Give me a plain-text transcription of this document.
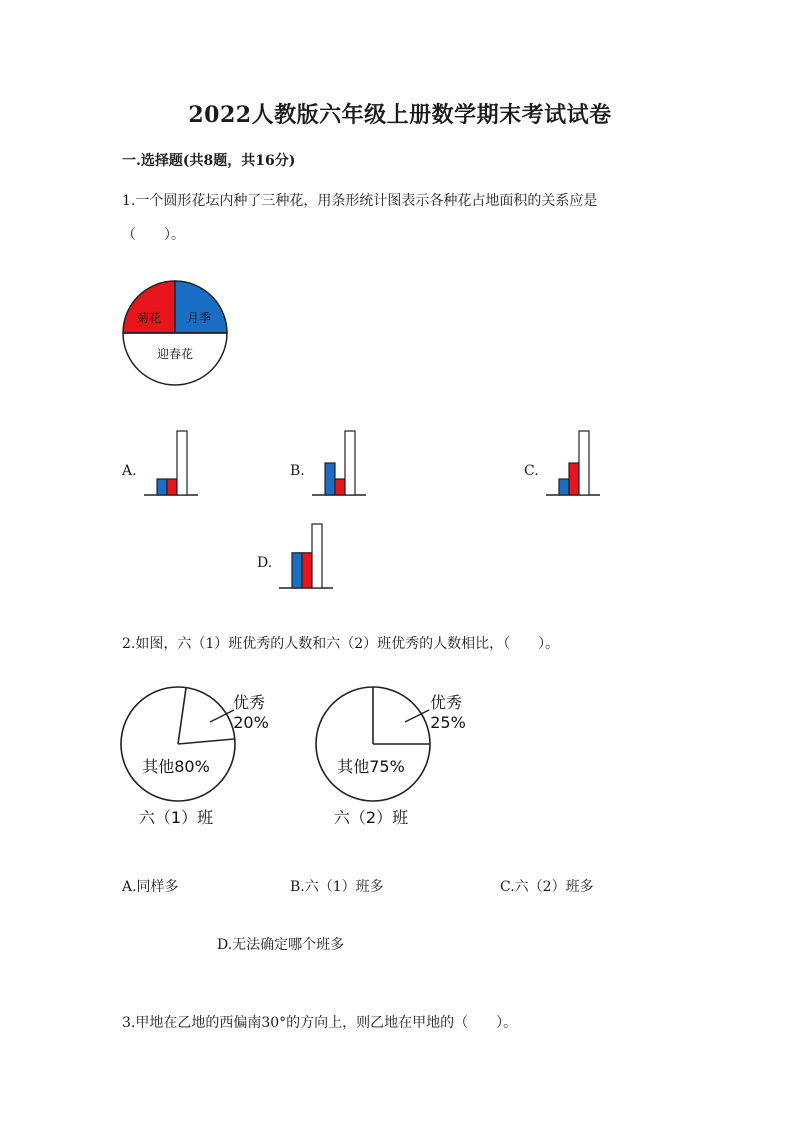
2022人教版六年级上册数学期末考试试卷
一.选择题(共8题，共16分)
1.一个圆形花坛内种了三种花，用条形统计图表示各种花占地面积的关系应是
（　　）。
菊花 月季
迎春花
A.	B.	C.
D.
2.如图，六（1）班优秀的人数和六（2）班优秀的人数相比，（　　）。
优秀
20%
其他80%
六（1）班
优秀
25%
其他75%
六（2）班
A.同样多	B.六（1）班多	C.六（2）班多
D.无法确定哪个班多
3.甲地在乙地的西偏南30°的方向上，则乙地在甲地的（　　）。
